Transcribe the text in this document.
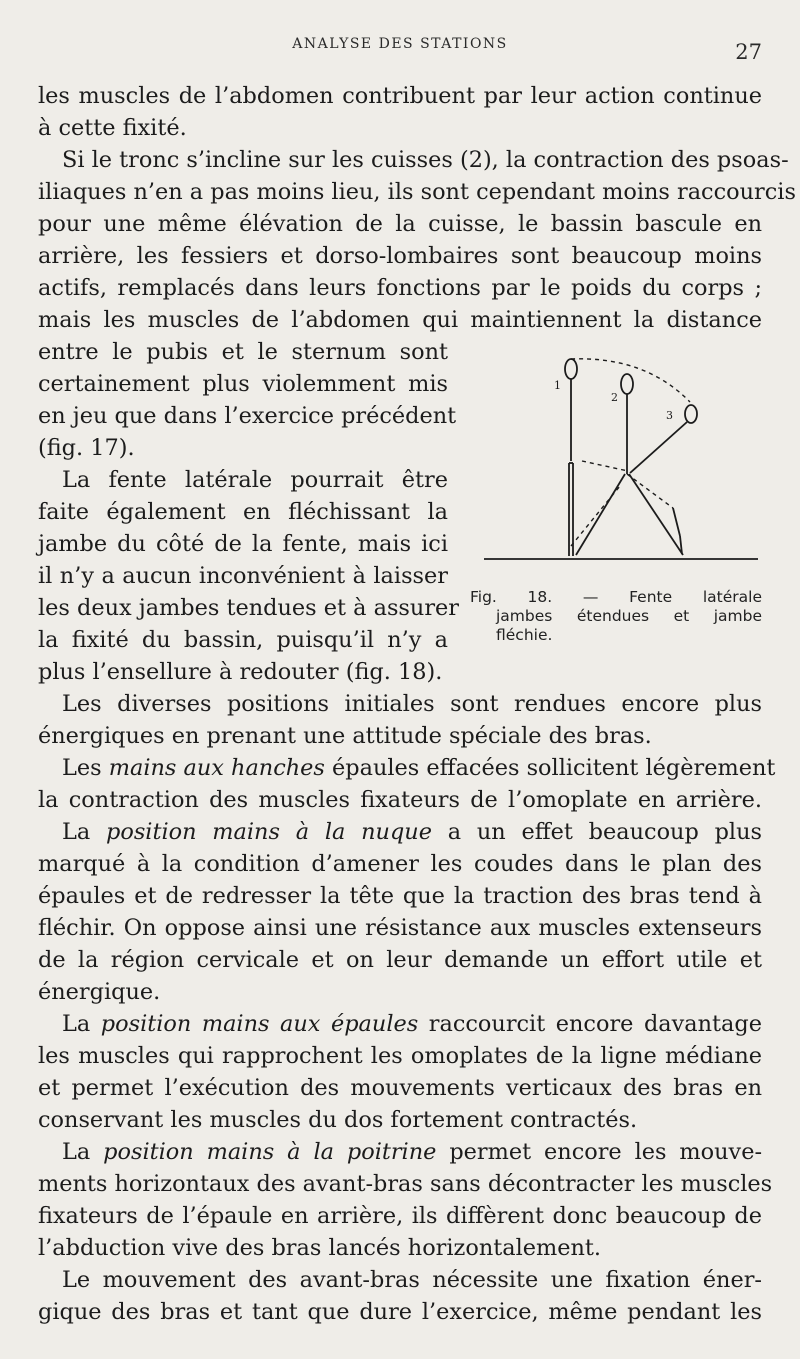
ANALYSE DES STATIONS	27
les muscles de l’abdomen contribuent par leur action continue
à cette fixité.
Si le tronc s’incline sur les cuisses (2), la contraction des psoas-
iliaques n’en a pas moins lieu, ils sont cependant moins raccourcis
pour une même élévation de la cuisse, le bassin bascule en
arrière, les fessiers et dorso-lombaires sont beaucoup moins
actifs, remplacés dans leurs fonctions par le poids du corps ;
mais les muscles de l’abdomen qui maintiennent la distance
entre le pubis et le sternum sont
certainement plus violemment mis
en jeu que dans l’exercice précédent
(fig. 17).
La fente latérale pourrait être
faite également en fléchissant la
jambe du côté de la fente, mais ici
il n’y a aucun inconvénient à laisser
les deux jambes tendues et à assurer
la fixité du bassin, puisqu’il n’y a
plus l’ensellure à redouter (fig. 18).
Les diverses positions initiales sont rendues encore plus
énergiques en prenant une attitude spéciale des bras.
Les mains aux hanches épaules effacées sollicitent légèrement
la contraction des muscles fixateurs de l’omoplate en arrière.
La position mains à la nuque a un effet beaucoup plus
marqué à la condition d’amener les coudes dans le plan des
épaules et de redresser la tête que la traction des bras tend à
fléchir. On oppose ainsi une résistance aux muscles extenseurs
de la région cervicale et on leur demande un effort utile et
énergique.
La position mains aux épaules raccourcit encore davantage
les muscles qui rapprochent les omoplates de la ligne médiane
et permet l’exécution des mouvements verticaux des bras en
conservant les muscles du dos fortement contractés.
La position mains à la poitrine permet encore les mouve-
ments horizontaux des avant-bras sans décontracter les muscles
fixateurs de l’épaule en arrière, ils diffèrent donc beaucoup de
l’abduction vive des bras lancés horizontalement.
Le mouvement des avant-bras nécessite une fixation éner-
gique des bras et tant que dure l’exercice, même pendant les
1
2
3
Fig. 18. — Fente latérale
jambes étendues et jambe
fléchie.
